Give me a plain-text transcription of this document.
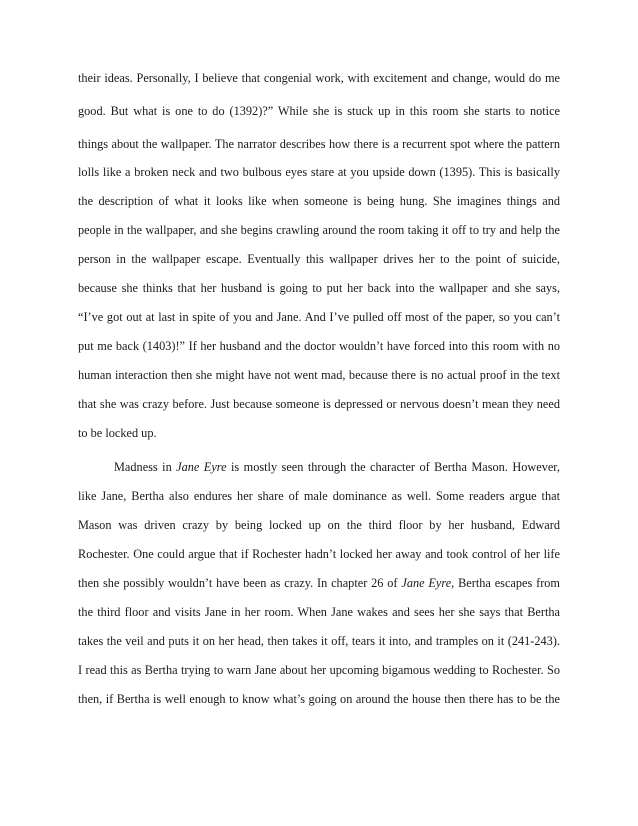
their ideas. Personally, I believe that congenial work, with excitement and change, would do me
good. But what is one to do (1392)?” While she is stuck up in this room she starts to notice
things about the wallpaper. The narrator describes how there is a recurrent spot where the pattern
lolls like a broken neck and two bulbous eyes stare at you upside down (1395). This is basically
the description of what it looks like when someone is being hung. She imagines things and
people in the wallpaper, and she begins crawling around the room taking it off to try and help the
person in the wallpaper escape. Eventually this wallpaper drives her to the point of suicide,
because she thinks that her husband is going to put her back into the wallpaper and she says,
“I’ve got out at last in spite of you and Jane. And I’ve pulled off most of the paper, so you can’t
put me back (1403)!” If her husband and the doctor wouldn’t have forced into this room with no
human interaction then she might have not went mad, because there is no actual proof in the text
that she was crazy before. Just because someone is depressed or nervous doesn’t mean they need
to be locked up.
Madness in Jane Eyre is mostly seen through the character of Bertha Mason. However,
like Jane, Bertha also endures her share of male dominance as well. Some readers argue that
Mason was driven crazy by being locked up on the third floor by her husband, Edward
Rochester. One could argue that if Rochester hadn’t locked her away and took control of her life
then she possibly wouldn’t have been as crazy. In chapter 26 of Jane Eyre, Bertha escapes from
the third floor and visits Jane in her room. When Jane wakes and sees her she says that Bertha
takes the veil and puts it on her head, then takes it off, tears it into, and tramples on it (241-243).
I read this as Bertha trying to warn Jane about her upcoming bigamous wedding to Rochester. So
then, if Bertha is well enough to know what’s going on around the house then there has to be the
